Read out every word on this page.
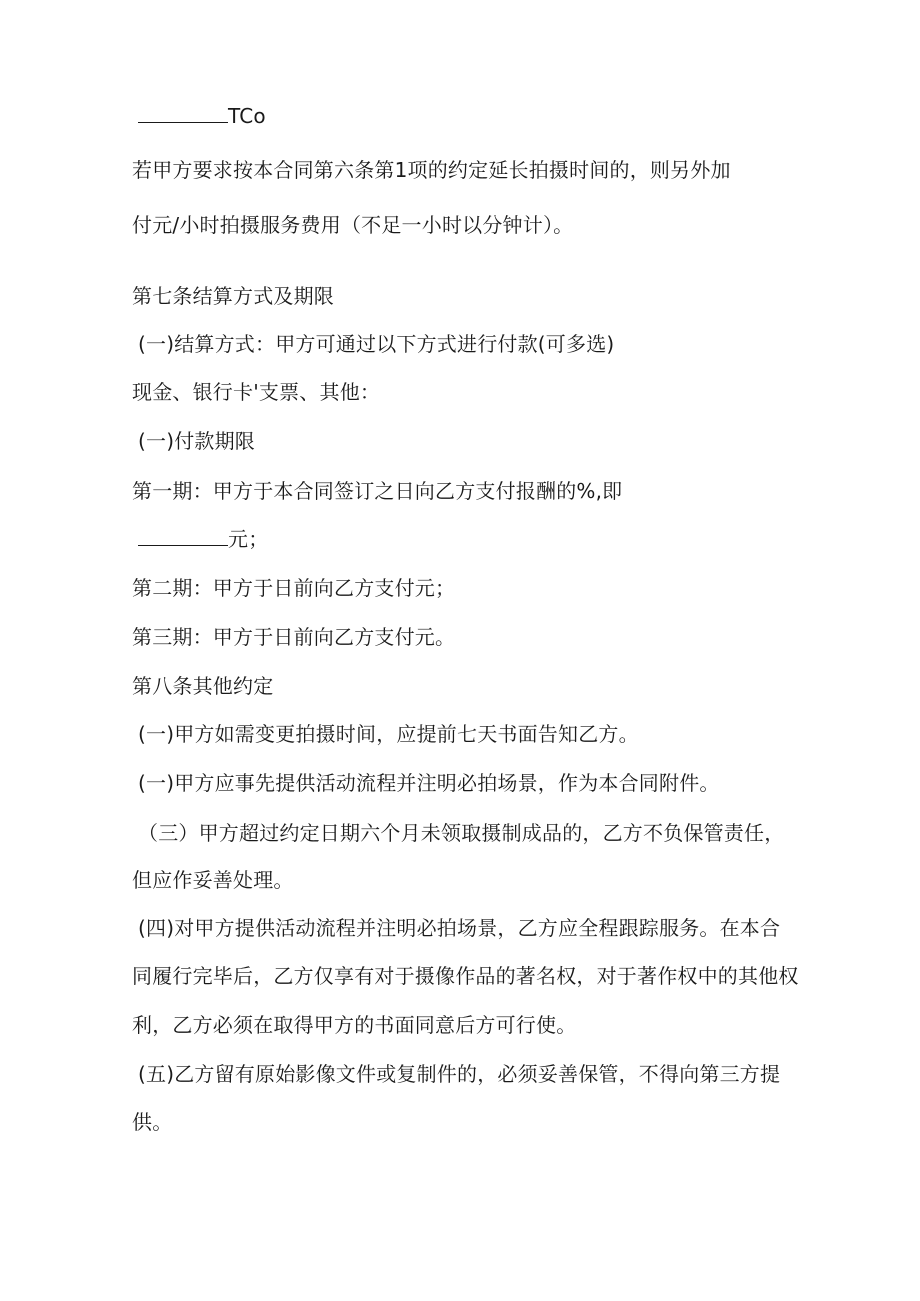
TCo
若甲方要求按本合同第六条第1项的约定延长拍摄时间的，则另外加
付元/小时拍摄服务费用（不足一小时以分钟计）。
第七条结算方式及期限
(一)结算方式：甲方可通过以下方式进行付款(可多选)
现金、银行卡'支票、其他：
(一)付款期限
第一期：甲方于本合同签订之日向乙方支付报酬的%,即
元；
第二期：甲方于日前向乙方支付元；
第三期：甲方于日前向乙方支付元。
第八条其他约定
(一)甲方如需变更拍摄时间，应提前七天书面告知乙方。
(一)甲方应事先提供活动流程并注明必拍场景，作为本合同附件。
（三）甲方超过约定日期六个月未领取摄制成品的，乙方不负保管责任，
但应作妥善处理。
(四)对甲方提供活动流程并注明必拍场景，乙方应全程跟踪服务。在本合
同履行完毕后，乙方仅享有对于摄像作品的著名权，对于著作权中的其他权
利，乙方必须在取得甲方的书面同意后方可行使。
(五)乙方留有原始影像文件或复制件的，必须妥善保管，不得向第三方提
供。
